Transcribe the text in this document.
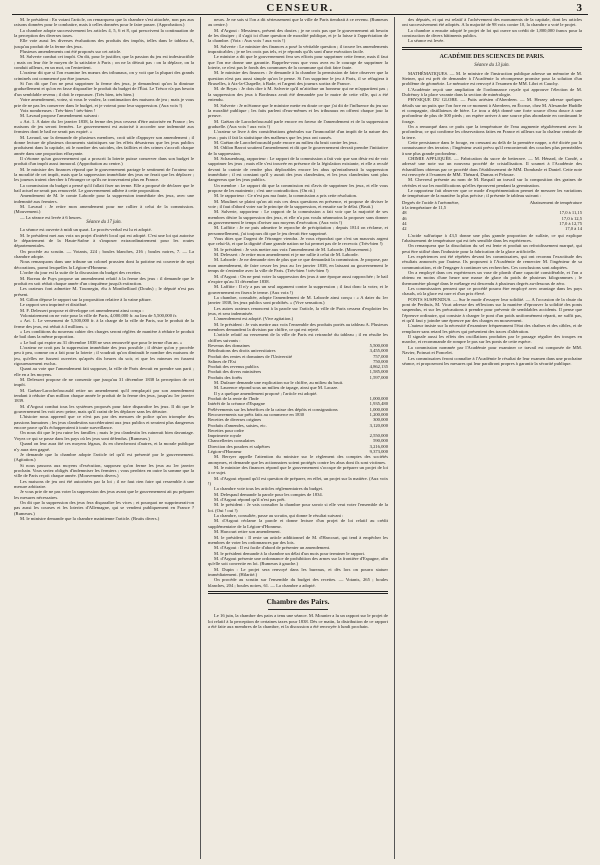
CENSEUR.	3

M. le président : En votant l'article, on remarquera que la chambre s'est attachée, non pas aux raisons données pour le combattre, mais à celles données pour le faire passer. (Approbation.)

La chambre adopte successivement les articles 4, 5, 6 et 8, qui prescrivent la continuation de la perception des diverses taxes.

Elle vote aussi les diverses évaluations des produits des impôts, telles dans le tableau A, jusqu'au produit de la ferme des jeux.

Plusieurs amendements ont été proposés sur cet article.

M. Salverte combat cet impôt. On dit, pour le justifier, que la passion du jeu est indestructible ; mais on leur ôte le moyen de la satisfaire à Paris ; on ne la détruit pas : on la déplace, on la conduit ailleurs, en un mot, on l'entretient.

L'orateur dit que si l'on examine les mœurs des tribunaux, on y voit que la plupart des grands criminels ont commencé par être joueurs.

Si l'on dit que l'on ne peut supprimer la ferme des jeux, je demanderai qu'on la diminue graduellement et qu'on en fasse disparaître le produit du budget de l'État. Le Trésor n'a pas besoin d'un semblable revenu ; il doit le repousser. (Très bien, très bien.)

Votre amendement, votez, si vous le voulez, la continuation des maisons de jeu ; mais je vous prie de ne pas les conserver dans le budget, et je voterai pour leur suppression. (Aux voix !)

Voix nombreuses : Très-bien ! très-bien !

M. Lavaud propose l'amendement suivant :

« Art. 1. A dater du 1er janvier 1838, la ferme des jeux cessera d'être autorisée en France ; les maisons de jeu seront fermées. Le gouvernement est autorisé à accorder une indemnité aux fermiers dont le bail ne serait pas expiré. »

M. Lavaud, sur la demande de plusieurs membres, croit utile d'appuyer son amendement ; il donne lecture de plusieurs documents statistiques sur les effets désastreux que les jeux publics produisent dans la capitale, où le nombre des suicides, des faillites et des crimes s'accroît chaque année dans une proportion effrayante.

Il s'étonne qu'un gouvernement qui a proscrit la loterie puisse conserver dans son budget le produit d'un impôt aussi immoral. (Approbation au centre.)

M. le ministre des finances répond que le gouvernement partage le sentiment de l'orateur sur la moralité de cet impôt, mais que la suppression immédiate des jeux ne ferait que les déplacer ; les joueurs iraient chercher à l'étranger ce qu'ils ne trouveraient plus en France.

La commission du budget a pensé qu'il fallait fixer un terme. Elle a proposé de déclarer que le bail actuel ne serait pas renouvelé. Le gouvernement adhère à cette proposition.

Amendement de M. le comte Laborde pour la suppression immédiate des jeux, avec une indemnité aux fermiers.

M. Lavaud : Je retire mon amendement pour me rallier à celui de la commission. (Mouvement.)

— La séance est levée à 6 heures.

Séance du 17 juin.

La séance est ouverte à midi un quart. Le procès-verbal est lu et adopté.

M. le président met aux voix un projet d'intérêt local qui est adopté. C'est une loi qui autorise le département de la Haute-Saône à s'imposer extraordinairement pour les routes départementales.

On procède au scrutin. — Votants, 224 ; boules blanches, 216 ; boules noires, 7. — La chambre adopte.

Nous remarquons dans une tribune un colonel prussien dont la poitrine est couverte de sept décorations, parmi lesquelles la Légion-d'Honneur.

L'ordre du jour est la suite de la discussion du budget des recettes.

M. Boreau de Puys propose un amendement relatif à la ferme des jeux : il demande que le produit en soit réduit chaque année d'un cinquième jusqu'à extinction.

Les orateurs font admettre M. Tournegin, élu à Montbelliard (Doubs) ; le député n'est pas présent.

M. Gillon dépose le rapport sur la proposition relative à la vaine pâture.

Le rapport sera imprimé et distribué.

M. F. Delessert propose et développe cet amendement ainsi conçu :

Volontairement on ne vote pour la ville de Paris, 4,000,000 fr. au lieu de 5,500,000 fr.

« Art. 1. Le versement de 5,500,000 fr. à la charge de la ville de Paris, sur le produit de la ferme des jeux, est réduit à 4 millions. »

« Les conditions du nouveau cahier des charges seront réglées de manière à réduire le produit de bail dans la même proportion.

« Le bail qui expire au 31 décembre 1838 ne sera renouvelé que pour le terme d'un an. »

L'orateur ne croit pas la suppression immédiate des jeux possible ; il désire qu'on y procède peu à peu, comme on a fait pour la loterie ; il voudrait qu'on diminuât le nombre des maisons de jeu, qu'elles ne fussent ouvertes qu'après dix heures du soir, et que les mineurs en fussent rigoureusement exclus.

Quant au vote que l'amendement fait supposer, la ville de Paris devrait en prendre son parti ; elle en a les moyens.

M. Delessert propose de ne consentir que jusqu'au 31 décembre 1838 la perception de cet impôt.

M. Gaétan-Larochefoucauld retire un amendement qu'il remplaçait par son amendement tendant à réduire d'un million chaque année le produit de la ferme des jeux, jusqu'au 1er janvier 1839.

M. d'Argout combat tous les systèmes proposés pour faire disparaître les jeux. Il dit que le gouvernement les voit avec peine, mais qu'il craint de les déplacer sans les détruire.

L'histoire nous apprend que ce n'est pas par des mesures de police qu'on triomphe des passions humaines ; les jeux clandestins succéderaient aux jeux publics et seraient plus dangereux encore parce qu'ils échapperaient à toute surveillance.

On nous dit que le jeu ruine les familles ; mais le jeu clandestin les ruinerait bien davantage. Voyez ce qui se passe dans les pays où les jeux sont défendus. (Rumeurs.)

Quand on leur aura ôté ces moyens légaux, ils en chercheront d'autres, et la morale publique n'y aura rien gagné.

Je demande que la chambre adopte l'article tel qu'il est présenté par le gouvernement. (Agitation.)

Si nous passons aux moyens d'exécution, supposez qu'on ferme les jeux au 1er janvier prochain. Vous seriez obligés d'indemniser les fermiers ; vous perdriez en outre la somme que la ville de Paris reçoit chaque année. (Mouvements divers.)

Les maisons de jeu ont été autorisées par la loi ; il ne faut rien faire qui ressemble à une mesure arbitraire.

Je vous prie de ne pas voter la suppression des jeux avant que le gouvernement ait pu préparer les mesures nécessaires.

On dit que la suppression des jeux fera disparaître les vices ; et pourquoi ne supprimerait-on pas aussi les courses et les loteries d'Allemagne, qui se vendent publiquement en France ? (Rumeurs.)

M. le ministre demande que la chambre maintienne l'article. (Bruits divers.)

neurs. Je ne sais si l'on a dit sérieusement que la ville de Paris tiendrait à ce revenu. (Rumeurs au centre.)

M. d'Argout : Messieurs, présent des doutes ; je ne crois pas que le gouvernement ait besoin de les dissiper ; il s'agit ici d'une question de moralité publique, et je la laisse à l'appréciation de la chambre. (Voix : Aux voix ! aux voix !)

M. Salverte : Le ministre des finances a posé la véritable question ; il trouve les amendements impraticables ; je ne les crois pas tels, et je réponds qu'ils sont d'une exécution facile.

Le ministre a dit que le gouvernement fera ses efforts pour supprimer cette ferme, mais il faut que l'on me donne une garantie. Rappelez-vous que vous avez eu le courage de supprimer la loterie, ce n'est pas le fonds des communes de la commune qui doit faire faute.

M. le ministre des finances : Je demande à la chambre la permission de faire observer que la question n'est pas aussi simple qu'on le pense. Si l'on supprime le jeu à Paris, il se réfugiera à Bruxelles, à Aix-la-Chapelle, à Bade, et l'argent des joueurs sortira de France.

M. de Bryas : Je dois dire à M. Salverte qu'il m'attribue un honneur qui ne m'appartient pas ; la suppression des jeux à Bordeaux avait été demandée par le maire de cette ville, qui a été entendu.

M. Salverte : Je m'étonne que le ministre mette en doute ce que j'ai dit de l'influence du jeu sur la moralité publique ; les faits parlent d'eux-mêmes et les tribunaux en offrent chaque jour la preuve.

M. Gaëtan de Larochefoucauld parle encore en faveur de l'amendement et de la suppression graduelle. (Aux voix ! aux voix !)

L'orateur se livre à des considérations générales sur l'immoralité d'un impôt de la nature des jeux ; puis il fait la statistique des malheurs que les jeux ont causés.

M. Gaëtan de Larochefoucauld parle encore au milieu du bruit contre les jeux.

M. Odilon Barrot soutient l'amendement et dit que le gouvernement devrait prendre l'initiative de la suppression.

M. Schauenburg, rapporteur : Le rapport de la commission a fait voir que son désir est de voir supprimer les jeux ; mais elle s'est trouvée en présence de la législation existante, et elle a reculé devant la crainte de rendre plus déplorables encore les abus qu'entraînerait la suppression immédiate ; il est constant qu'il y aurait des jeux clandestins, et les jeux clandestins sont plus dangereux que les jeux publics.

Un membre : Le rapport dit que la commission est d'avis de supprimer les jeux, et elle vous propose de les maintenir ; c'est une contradiction. (On rit.)

M. le rapporteur : Ce n'est pas ma faute, la commission a pris cette résolution.

M. Moulinet se plaint qu'on ait mis ces deux questions en présence, et propose de diviser le vote ; il faut d'abord voter sur le principe de la suppression, et ensuite sur le délai. (Bruit.)

M. Salverte, rapporteur : Le rapport de la commission a fait voir que la majorité de ses membres désire la suppression des jeux, et elle n'a pas voulu néanmoins la proposer sans donner au gouvernement le temps d'aviser aux moyens d'exécution. (Aux voix !)

M. Laffitte : Je ne puis admettre le reproche de précipitation ; depuis 1814 on réclame, et personnellement, j'ai toujours dit que le jeu devait être supprimé.

Vous dites que l'argent de l'étranger viendra. Je vous répondrai que c'est un mauvais argent que celui-là, et que la dignité d'une grande nation ne lui permet pas de le recevoir. (Très-bien !)

M. le président : Je vais mettre aux voix l'amendement de M. Laborde. (Mouvement.)

M. Delessert : Je retire mon amendement et je me rallie à celui de M. Laborde.

M. Laborde : Je ne demande rien de plus que ce que demandait la commission. Je propose, par mon amendement, de faire cesser les jeux au 1er janvier 1838, en laissant au gouvernement le temps de s'entendre avec la ville de Paris. (Très-bien ! très-bien !)

M. d'Argout : On ne peut voter la suppression des jeux à une époque aussi rapprochée ; le bail n'expire qu'au 31 décembre 1838.

M. Laffitte : Il n'y a pas un seul argument contre la suppression ; il faut donc la voter, et le gouvernement en fixera le terme. (Aux voix !)

La chambre, consultée, adopte l'amendement de M. Laborde ainsi conçu : « A dater du 1er janvier 1838, les jeux publics sont prohibés. » (Vive sensation.)

Les autres orateurs renoncent à la parole sur l'article, la ville de Paris cessera d'exploiter les jeux, et sera indemnisée.

L'amendement est adopté. (Vive agitation.)

M. le président : Je vais mettre aux voix l'ensemble des produits portés au tableau A. Plusieurs membres demandent la division par chiffre, ce qui est rejeté.

L'article relatif au versement de la ville de Paris est retranché du tableau ; il en résulte les chiffres suivants :

Revenus des domaines	5,500,000
Rétributions des droits universitaires	3,455,000
Produit des rentes et domaines de l'Université	757,000
Salines de l'Est	750,000
Produit des revenus publics	4,862,135
Produit des divers ministères	1,585,000
Produits des forêts	1,597,000

M. Dufaure demande une explication sur le chiffre, au milieu du bruit.

M. Laurence répond sous un milieu de tapage, ainsi que M. Lacaze.

Il y a quelque amendement proposé ; l'article est adopté.

Produit de la rente de l'Inde	1,000,000
Intérêt de la créance d'Espagne	1,935,480
Prélèvements sur les bénéfices de la caisse des dépôts et consignations	1,000,000
Recouvrements sur prêts faits au commerce en 1830	1,200,000
Recettes de diverses origines	300,000
Produits d'amendes, saisies, etc.	3,120,000
Recettes pour ordre	
Imprimerie royale	2,550,000
Chancelleries consulaires	590,000
Direction des poudres et salpêtres	3,216,000
Légion-d'Honneur	9,373,000

M. Berryer appelle l'attention du ministre sur le règlement des comptes des sociétés anonymes, et demande que les actionnaires soient protégés contre les abus dont ils sont victimes.

M. le ministre des finances répond que le gouvernement s'occupe de préparer un projet de loi à ce sujet.

M. d'Argout répond qu'il est question de préparer, en effet, un projet sur la matière. (Aux voix !)

La chambre vote tous les articles réglementaires du budget.

M. Delespaul demande la parole pour les comptes de 1834.

M. d'Argout répond qu'il n'est pas prêt.

M. le président : Je vais consulter la chambre pour savoir si elle veut voter l'ensemble de la loi. (Oui ! oui !)

La chambre, consultée, passe au scrutin, qui donne le résultat suivant :

M. d'Argout réclame la parole et donne lecture d'un projet de loi relatif au crédit supplémentaire de la Légion-d'Honneur.

M. Harcourt retire son amendement.

M. le président : Il reste un article additionnel de M. d'Harcourt, qui tend à empêcher les membres de voter les ordonnances par des lois.

M. d'Argout : Il est facile d'abord de présenter un amendement.

M. le président demande à la chambre un délai d'un mois pour terminer le rapport.

M. d'Argout présente une ordonnance de prohibition des armes sur la frontière d'Espagne, afin qu'elle soit convertie en loi. (Rumeurs à gauche.)

M. Dupin : Le projet sera renvoyé dans les bureaux, et dès lors on pourra statuer immédiatement. (Hilarité.)

On procède au scrutin sur l'ensemble du budget des recettes. — Votants, 265 ; boules blanches, 204 ; boules noires, 61. — La chambre a adopté.

Chambre des Pairs.

Le 16 juin, la chambre des pairs a tenu une séance. M. Mounier a lu un rapport sur le projet de loi relatif à la perception de certaines taxes pour 1838. Dès ce matin, la distribution de ce rapport a été faite aux membres de la chambre, et la discussion a été renvoyée à lundi prochain.

des députés, et qui est relatif à l'achèvement des monuments de la capitale, dont les articles ont successivement été adoptés. A la majorité de 98 voix contre 10, la chambre a voté le projet.

La chambre a ensuite adopté le projet de loi qui ouvre un crédit de 1,800,000 francs pour la construction de divers bâtiments publics.

La séance est levée.

ACADÉMIE DES SCIENCES DE PARIS.
Séance du 13 juin.

MATHÉMATIQUES. — M. le ministre de l'instruction publique adresse un mémoire de M. Steiner, qui est prêt de demander à l'Académie la récompense promise pour la solution d'un problème de géométrie. Le mémoire est renvoyé à l'examen de MM. Libri et Cauchy.

L'Académie reçoit une ampliation de l'ordonnance royale qui approuve l'élection de M. Dufrénoy à la place vacante dans la section de minéralogie.

PHYSIQUE DU GLOBE. — Puits artésien d'Aberdeen. — M. Herzey adresse quelques détails sur un puits que l'on fore en ce moment à Aberdeen, en Écosse, chez M. Alexandre Huddle et compagnie, distillateurs de bière. Le trou a déjà donné une forte source d'eau douce à une profondeur de plus de 300 pieds ; on espère arriver à une source plus abondante en continuant le forage.

On a remarqué dans ce puits que la température de l'eau augmente régulièrement avec la profondeur, ce qui confirme les observations faites en France et ailleurs sur la chaleur centrale de la terre.

Cette persistance dans le forage, en creusant au delà de la première nappe, a été dictée par la connaissance des terrains ; l'ingénieur avait prévu qu'il rencontrerait des couches plus perméables à une plus grande profondeur.

CHIMIE APPLIQUÉE. — Fabrication du sucre de betterave. — M. Hénard, de Condé, a adressé une note sur un nouveau procédé de cristallisation. Il soumet à l'Académie des échantillons obtenus par ce procédé dans l'établissement de MM. Dombasle et Daniel. Cette note est renvoyée à l'examen de MM. Thénard, Dumas et Pelouze.

M. Chevreul présente au nom de M. Raspail un travail sur la composition des graines de céréales et sur les modifications qu'elles éprouvent pendant la germination.

Le rapporteur fait observer que ce mode d'expérimentation permet de mesurer les variations de température de la manière la plus précise ; il présente le tableau suivant :

Degrés de l'acide à l'aréomètre,	Abaissement de température
à la température de 11,5
48	17,0 à 11,15
46	17,0 à 12,5
44	17,0 à 12,75
42	17,0 à 14

L'acide sulfurique à 43,5 donne une plus grande proportion de sulfate, ce qui explique l'abaissement de température qui est très sensible dans les expériences.

On remarquera que la dissolution du sel est lente et produit un refroidissement marqué, qui peut être utilisé dans l'industrie pour la fabrication de la glace artificielle.

Les expériences ont été répétées devant les commissaires, qui ont reconnu l'exactitude des résultats annoncés par l'auteur. Ils proposent à l'Académie de remercier M. l'ingénieur de sa communication, et de l'engager à continuer ses recherches. Ces conclusions sont adoptées.

On a employé dans ces expériences un vase de plomb d'une capacité considérable, et l'on a obtenu en moins d'une heure une masse de glace du poids de plusieurs kilogrammes ; le thermomètre plongé dans le mélange est descendu à plusieurs degrés au-dessous de zéro.

Les commissaires pensent que ce procédé pourra être employé avec avantage dans les pays chauds, où la glace est rare et d'un prix élevé.

PONTS SUSPENDUS. — Sur le mode d'essayer leur solidité. — A l'occasion de la chute du pont de Perthuis, M. Vicat adresse des réflexions sur la manière d'éprouver la solidité des ponts suspendus, et sur les précautions à prendre pour prévenir de semblables accidents. Il pense que l'épreuve ordinaire, qui consiste à charger le pont d'un poids uniformément réparti, ne suffit pas, et qu'il faut y joindre une épreuve par des charges en mouvement.

L'auteur insiste sur la nécessité d'examiner fréquemment l'état des chaînes et des câbles, et de remplacer sans retard les pièces qui présentent des traces d'altération.

Il signale aussi les effets des oscillations produites par le passage régulier des troupes en marche, et recommande de rompre le pas sur les ponts de cette espèce.

La commission nommée par l'Académie pour examiner ce travail est composée de MM. Navier, Poinsot et Poncelet.

Les commissaires feront connaître à l'Académie le résultat de leur examen dans une prochaine séance, et proposeront les mesures qui leur paraîtront propres à garantir la sécurité publique.
